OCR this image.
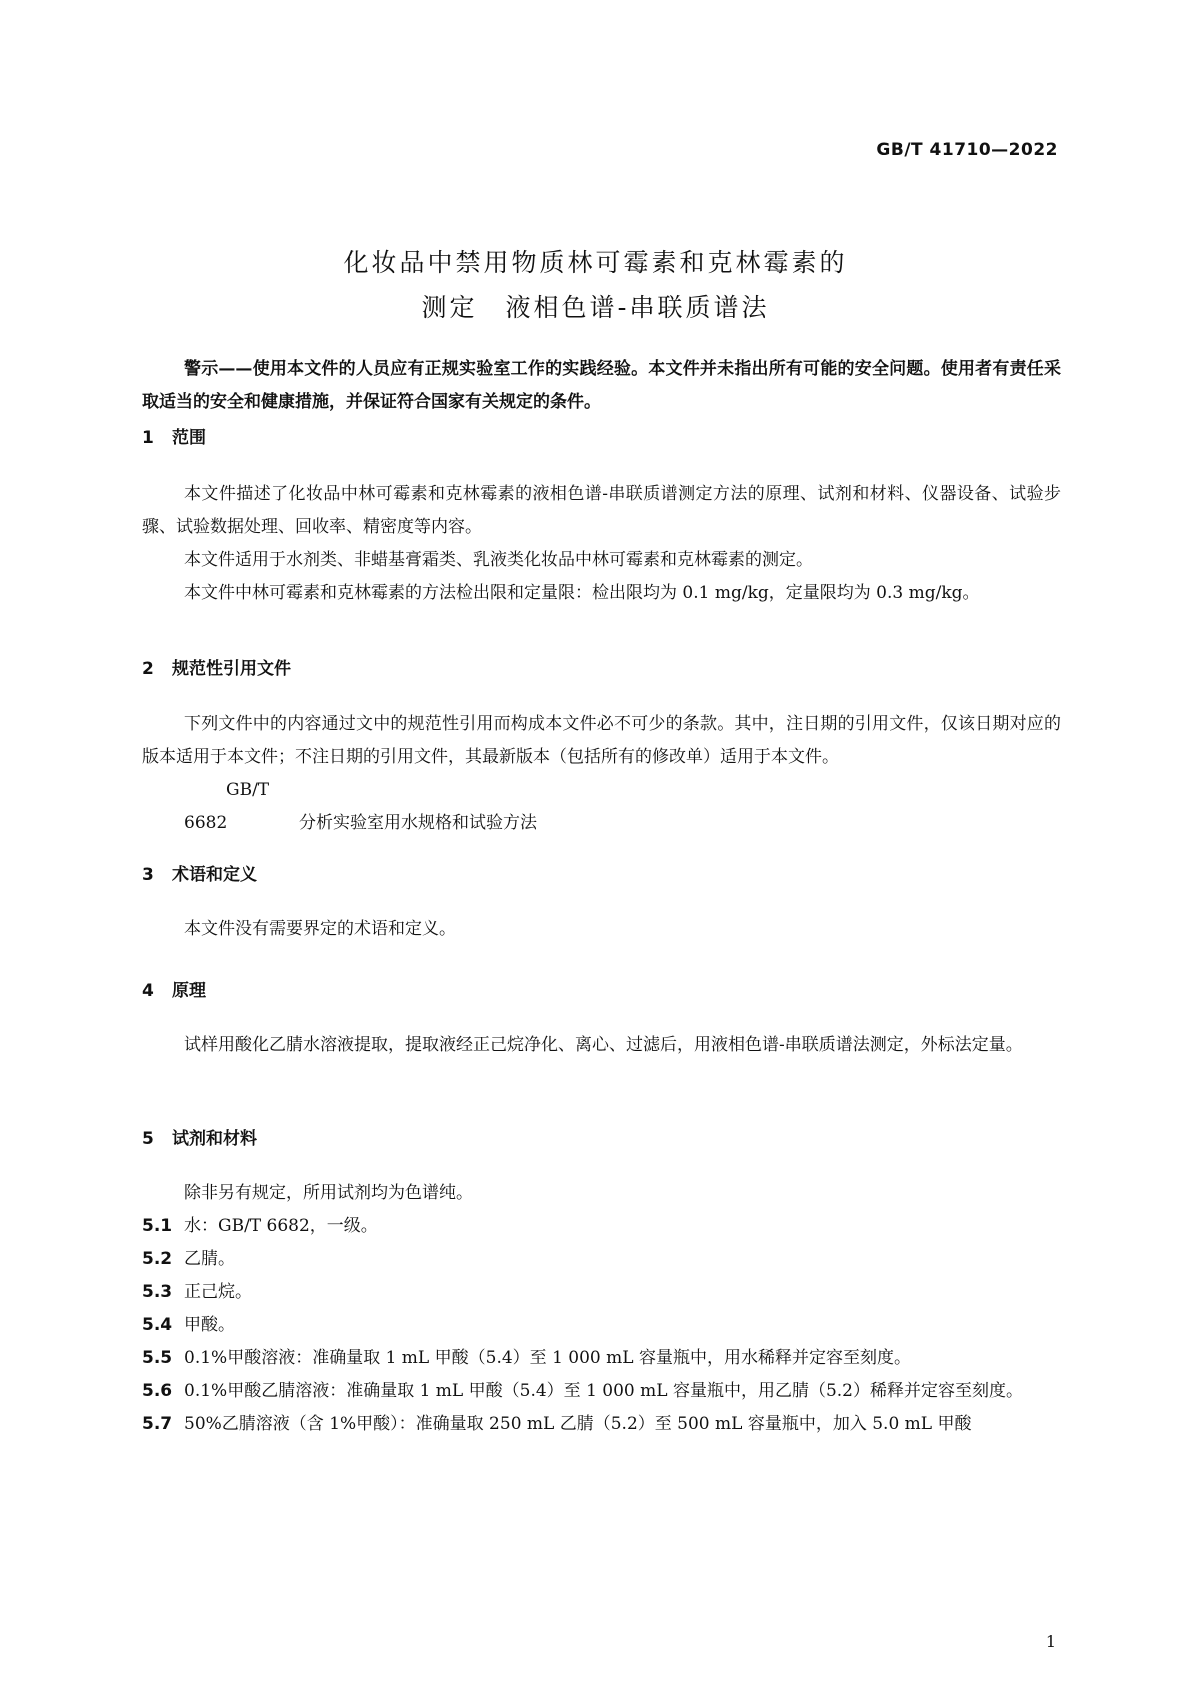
GB/T 41710—2022
化妆品中禁用物质林可霉素和克林霉素的
测定　液相色谱-串联质谱法
警示——使用本文件的人员应有正规实验室工作的实践经验。本文件并未指出所有可能的安全问题。使用者有责任采取适当的安全和健康措施，并保证符合国家有关规定的条件。
1 范围
本文件描述了化妆品中林可霉素和克林霉素的液相色谱-串联质谱测定方法的原理、试剂和材料、仪器设备、试验步骤、试验数据处理、回收率、精密度等内容。
本文件适用于水剂类、非蜡基膏霜类、乳液类化妆品中林可霉素和克林霉素的测定。
本文件中林可霉素和克林霉素的方法检出限和定量限：检出限均为 0.1 mg/kg，定量限均为 0.3 mg/kg。
2 规范性引用文件
下列文件中的内容通过文中的规范性引用而构成本文件必不可少的条款。其中，注日期的引用文件，仅该日期对应的版本适用于本文件；不注日期的引用文件，其最新版本（包括所有的修改单）适用于本文件。
GB/T 6682	分析实验室用水规格和试验方法
3 术语和定义
本文件没有需要界定的术语和定义。
4 原理
试样用酸化乙腈水溶液提取，提取液经正己烷净化、离心、过滤后，用液相色谱-串联质谱法测定，外标法定量。
5 试剂和材料
除非另有规定，所用试剂均为色谱纯。
5.1 水：GB/T 6682，一级。
5.2 乙腈。
5.3 正己烷。
5.4 甲酸。
5.5 0.1%甲酸溶液：准确量取 1 mL 甲酸（5.4）至 1 000 mL 容量瓶中，用水稀释并定容至刻度。
5.6 0.1%甲酸乙腈溶液：准确量取 1 mL 甲酸（5.4）至 1 000 mL 容量瓶中，用乙腈（5.2）稀释并定容至刻度。
5.7 50%乙腈溶液（含 1%甲酸）：准确量取 250 mL 乙腈（5.2）至 500 mL 容量瓶中，加入 5.0 mL 甲酸
1
